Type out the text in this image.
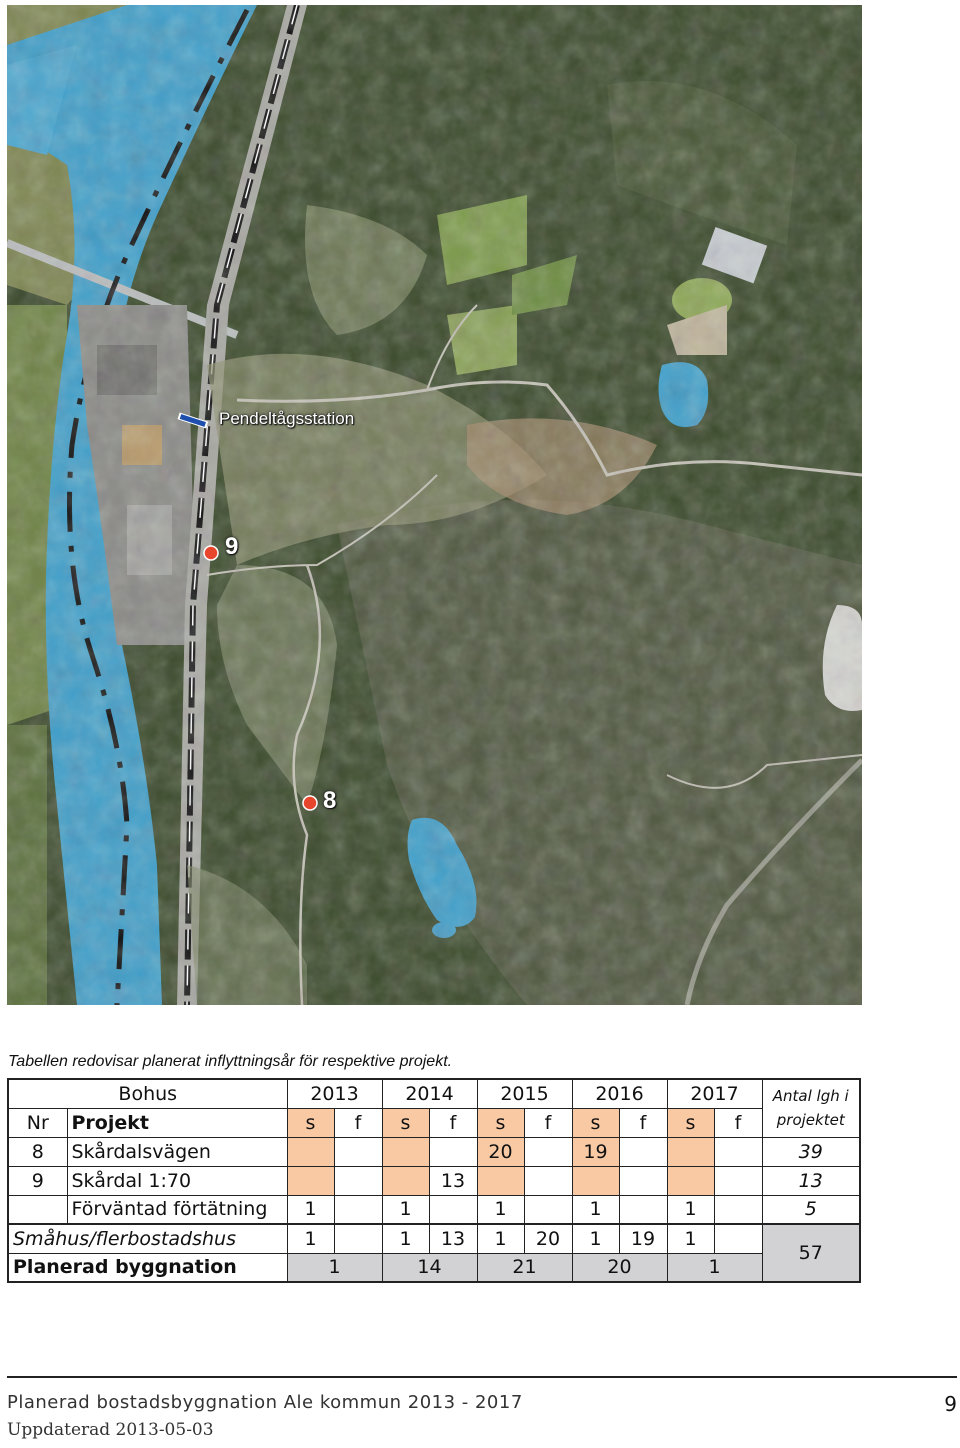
Pendeltågsstation
9
8
Tabellen redovisar planerat inflyttningsår för respektive projekt.
Bohus		2013		2014		2015		2016		2017		Antal lgh i projektet
Nr	Projekt	s	f	s	f	s	f	s	f	s	f	
8	Skårdalsvägen					20		19				39
9	Skårdal 1:70				13							13
	Förväntad förtätning	1		1		1		1		1		5
Småhus/flerbostadshus		1		1	13	1	20	1	19	1		57
Planerad byggnation		1		14		21		20		1		
Planerad bostadsbyggnation Ale kommun 2013 - 2017
Uppdaterad 2013-05-03
9
